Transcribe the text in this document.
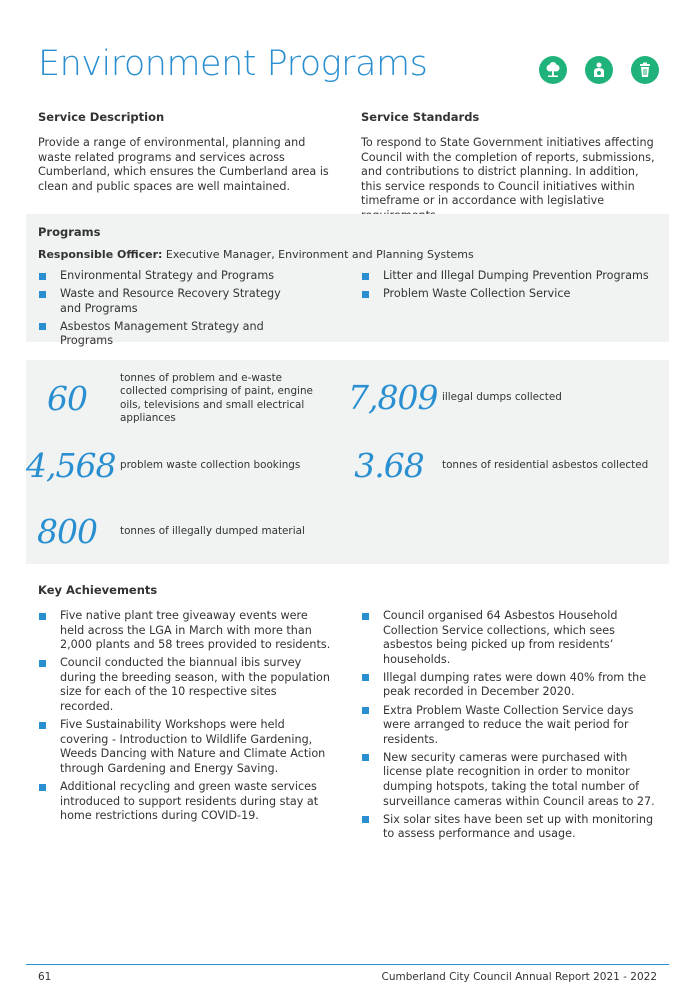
Environment Programs
Service Description

Provide a range of environmental, planning and waste related programs and services across Cumberland, which ensures the Cumberland area is clean and public spaces are well maintained.

Service Standards

To respond to State Government initiatives affecting Council with the completion of reports, submissions, and contributions to district planning. In addition, this service responds to Council initiatives within timeframe or in accordance with legislative

Programs
Responsible Officer: Executive Manager, Environment and Planning Systems
Environmental Strategy and Programs
Waste and Resource Recovery Strategy and Programs
Asbestos Management Strategy and Programs
Litter and Illegal Dumping Prevention Programs
Problem Waste Collection Service
60
tonnes of problem and e-waste collected comprising of paint, engine oils, televisions and small electrical appliances
7,809 illegal dumps collected
4,568 problem waste collection bookings	3.68	tonnes of residential asbestos collected
800	tonnes of illegally dumped material
Key Achievements
Five native plant tree giveaway events were held across the LGA in March with more than 2,000 plants and 58 trees provided to residents.
Council conducted the biannual ibis survey during the breeding season, with the population size for each of the 10 respective sites recorded.
Five Sustainability Workshops were held covering - Introduction to Wildlife Gardening, Weeds Dancing with Nature and Climate Action through Gardening and Energy Saving.
Additional recycling and green waste services introduced to support residents during stay at home restrictions during COVID-19.
Council organised 64 Asbestos Household Collection Service collections, which sees asbestos being picked up from residents’ households.
Illegal dumping rates were down 40% from the peak recorded in December 2020.
Extra Problem Waste Collection Service days were arranged to reduce the wait period for residents.
New security cameras were purchased with license plate recognition in order to monitor dumping hotspots, taking the total number of surveillance cameras within Council areas to 27.
Six solar sites have been set up with monitoring to assess performance and usage.
61	Cumberland City Council Annual Report 2021 - 2022
